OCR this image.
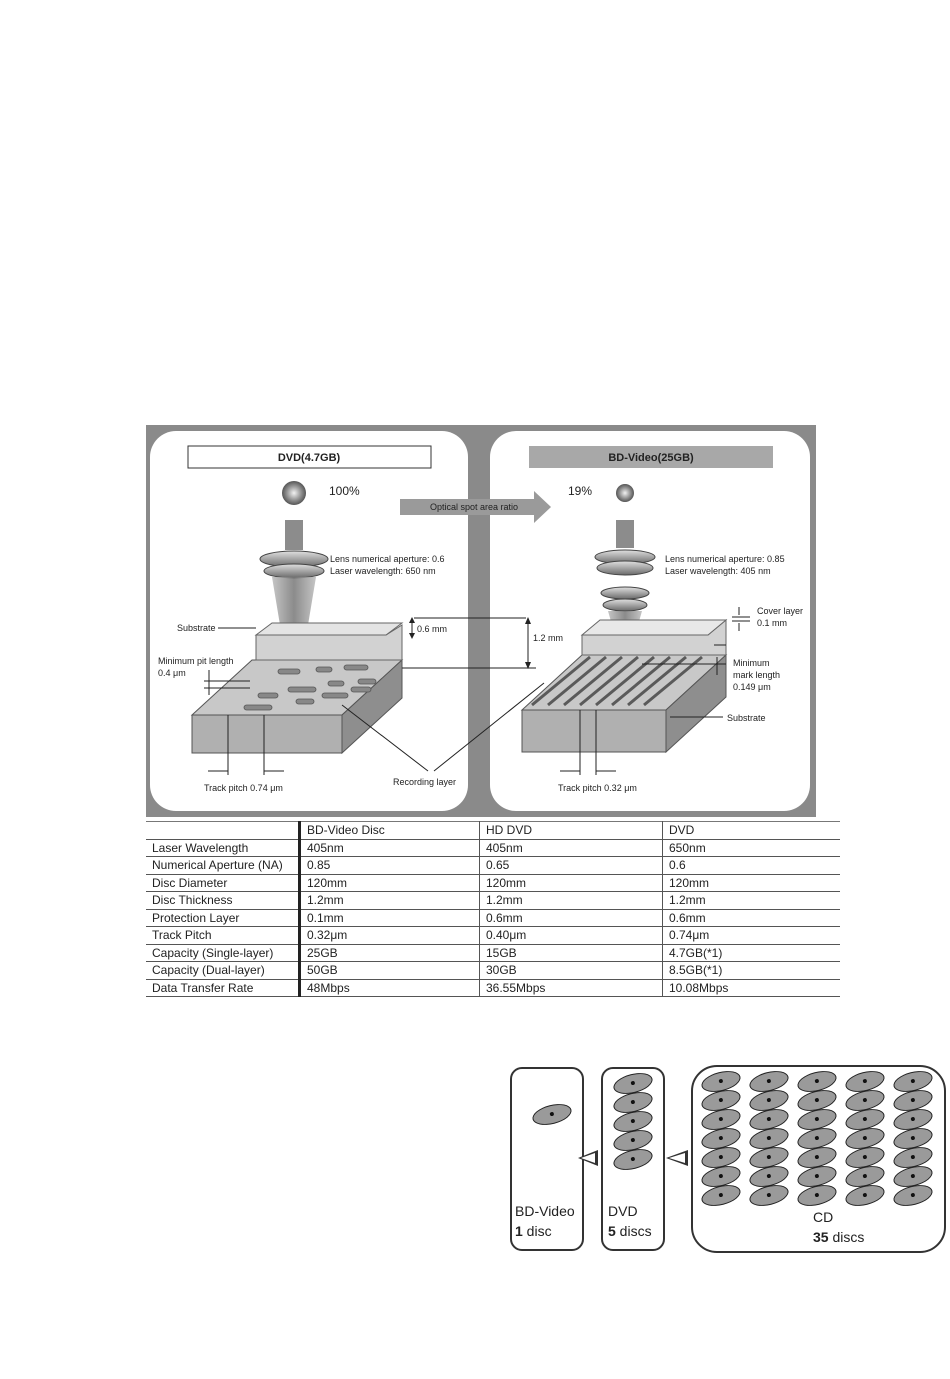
DVD(4.7GB)	BD-Video(25GB)
100%	19%
Optical spot area ratio
Lens numerical aperture: 0.6
Laser wavelength: 650 nm
Lens numerical aperture: 0.85
Laser wavelength: 405 nm
Substrate
Minimum pit length
0.4 μm
0.6 mm
1.2 mm
Track pitch 0.74 μm
Recording layer
Cover layer
0.1 mm
Minimum
mark length
0.149 μm
Substrate
Track pitch 0.32 μm
	BD-Video Disc	HD DVD	DVD
Laser Wavelength	405nm	405nm	650nm
Numerical Aperture (NA)	0.85	0.65	0.6
Disc Diameter	120mm	120mm	120mm
Disc Thickness	1.2mm	1.2mm	1.2mm
Protection Layer	0.1mm	0.6mm	0.6mm
Track Pitch	0.32μm	0.40μm	0.74μm
Capacity (Single-layer)	25GB	15GB	4.7GB(*1)
Capacity (Dual-layer)	50GB	30GB	8.5GB(*1)
Data Transfer Rate	48Mbps	36.55Mbps	10.08Mbps
BD-Video
1 disc
DVD
5 discs
CD
35 discs
